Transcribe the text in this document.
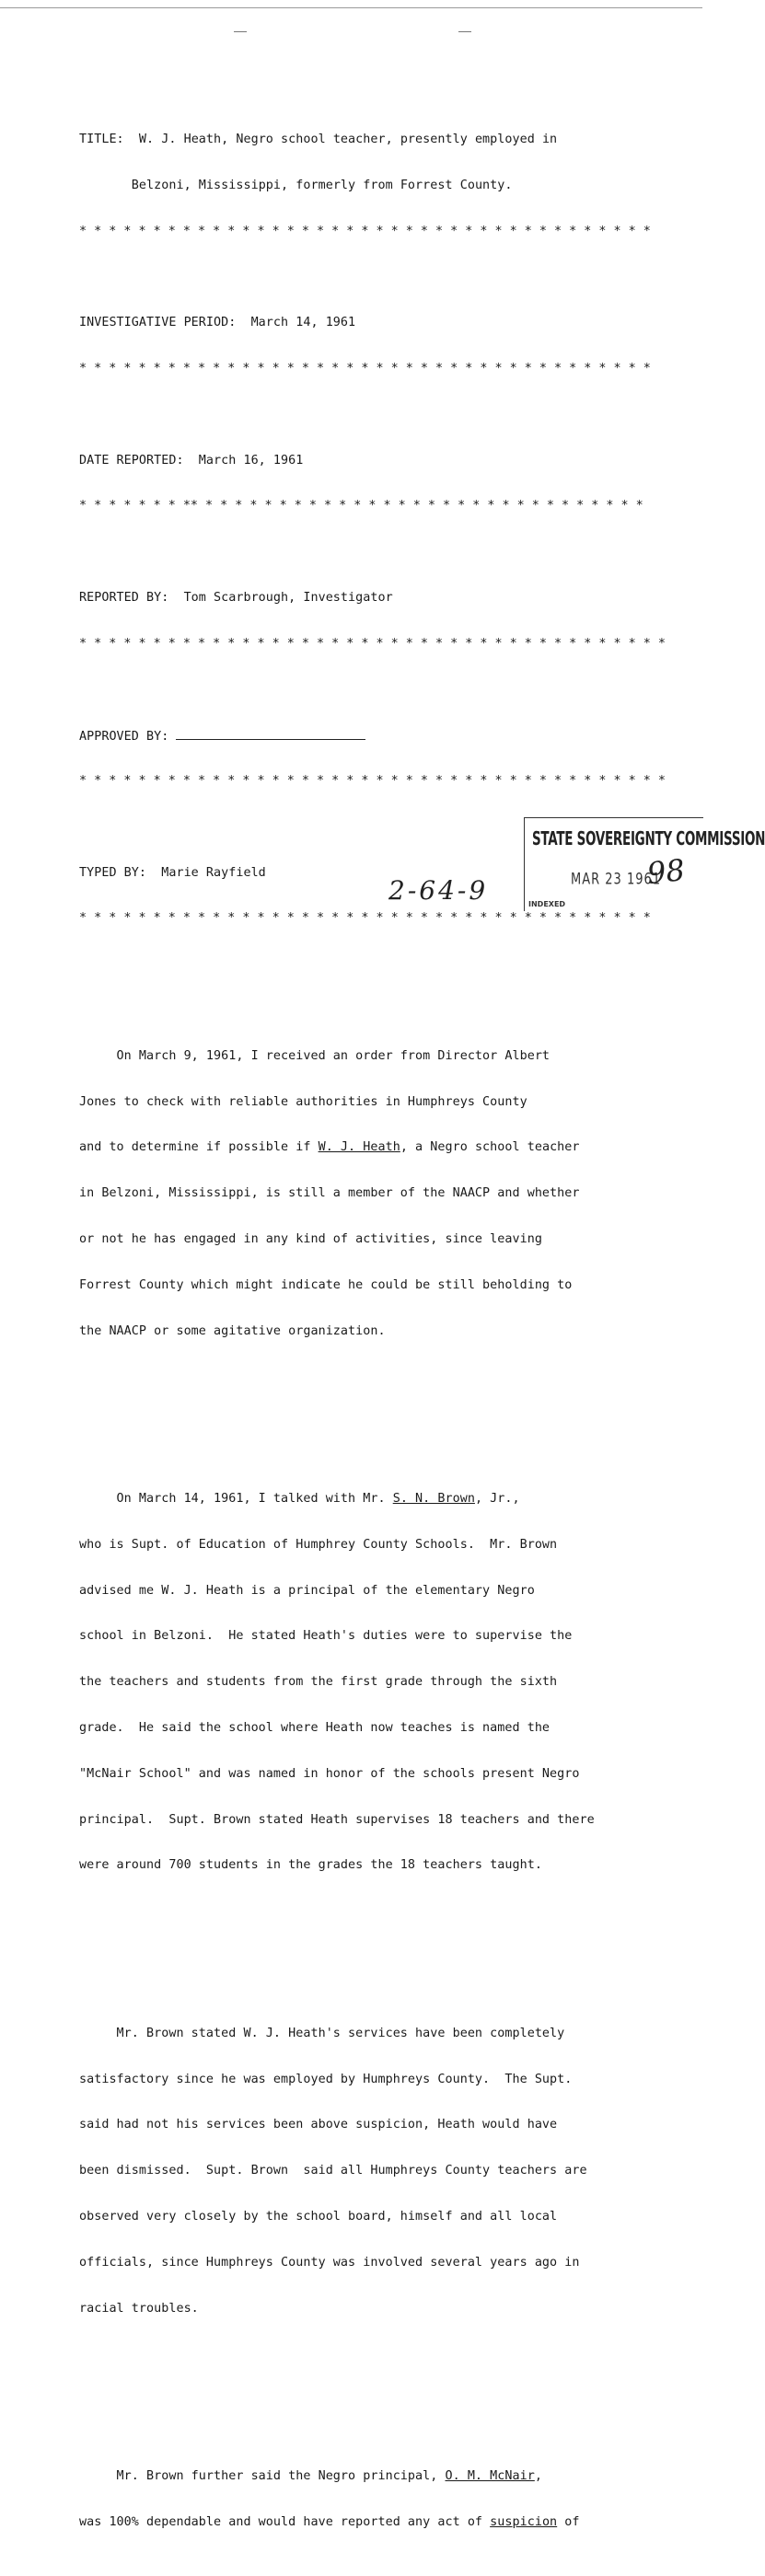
TITLE: W. J. Heath, Negro school teacher, presently employed in

Belzoni, Mississippi, formerly from Forrest County.

* * * * * * * * * * * * * * * * * * * * * * * * * * * * * * * * * * * * * * *

INVESTIGATIVE PERIOD:  March 14, 1961

* * * * * * * * * * * * * * * * * * * * * * * * * * * * * * * * * * * * * * *

DATE REPORTED:  March 16, 1961

* * * * * * * ** * * * * * * * * * * * * * * * * * * * * * * * * * * * * * *

REPORTED BY:  Tom Scarbrough, Investigator

* * * * * * * * * * * * * * * * * * * * * * * * * * * * * * * * * * * * * * * *

APPROVED BY:

* * * * * * * * * * * * * * * * * * * * * * * * * * * * * * * * * * * * * * * *

TYPED BY:  Marie Rayfield

* * * * * * * * * * * * * * * * * * * * * * * * * * * * * * * * * * * * * * *

On March 9, 1961, I received an order from Director Albert

Jones to check with reliable authorities in Humphreys County

and to determine if possible if W. J. Heath, a Negro school teacher

in Belzoni, Mississippi, is still a member of the NAACP and whether

or not he has engaged in any kind of activities, since leaving

Forrest County which might indicate he could be still beholding to

the NAACP or some agitative organization.

On March 14, 1961, I talked with Mr. S. N. Brown, Jr.,

who is Supt. of Education of Humphrey County Schools.  Mr. Brown

advised me W. J. Heath is a principal of the elementary Negro

school in Belzoni.  He stated Heath's duties were to supervise the

the teachers and students from the first grade through the sixth

grade.  He said the school where Heath now teaches is named the

"McNair School" and was named in honor of the schools present Negro

principal.  Supt. Brown stated Heath supervises 18 teachers and there

were around 700 students in the grades the 18 teachers taught.

Mr. Brown stated W. J. Heath's services have been completely

satisfactory since he was employed by Humphreys County.  The Supt.

said had not his services been above suspicion, Heath would have

been dismissed.  Supt. Brown  said all Humphreys County teachers are

observed very closely by the school board, himself and all local

officials, since Humphreys County was involved several years ago in

racial troubles.

Mr. Brown further said the Negro principal, O. M. McNair,

was 100% dependable and would have reported any act of suspicion of

2-64-9
STATE SOVEREIGNTY COMMISSION
MAR 23 1961
98
INDEXED
